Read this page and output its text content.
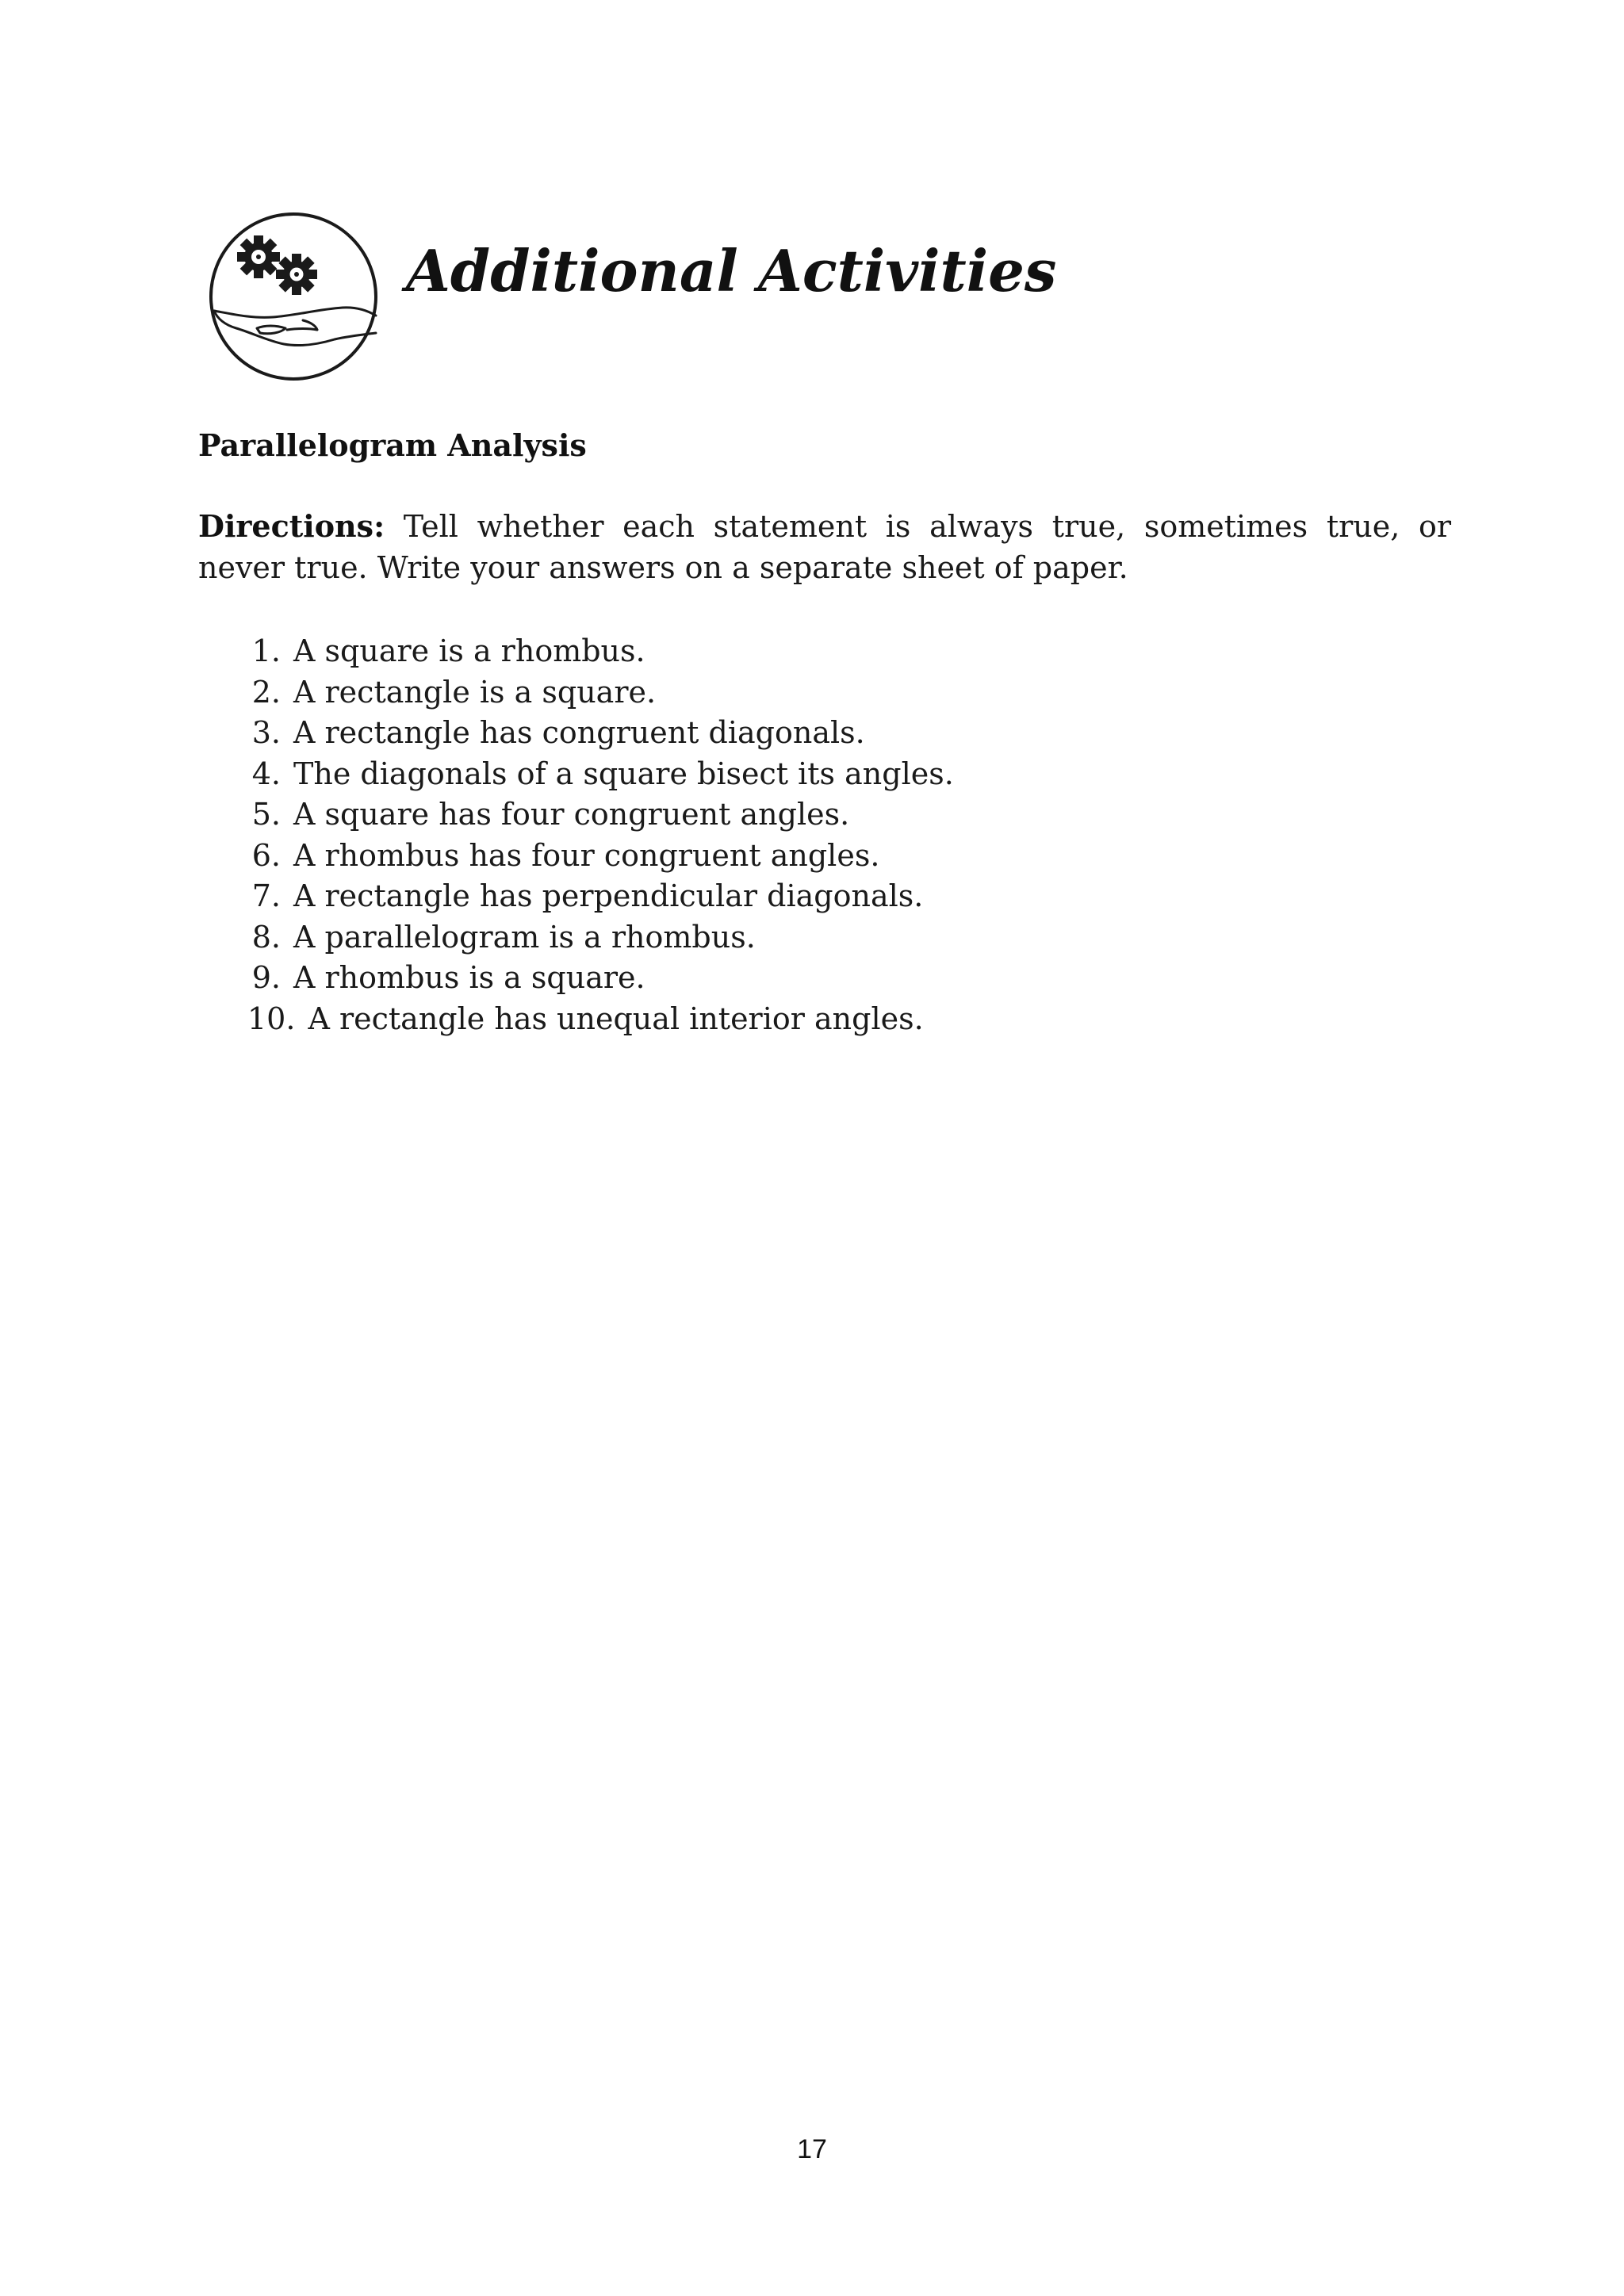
Additional Activities
Parallelogram Analysis

Directions: Tell whether each statement is always true, sometimes true, or never true. Write your answers on a separate sheet of paper.

1. A square is a rhombus.
2. A rectangle is a square.
3. A rectangle has congruent diagonals.
4. The diagonals of a square bisect its angles.
5. A square has four congruent angles.
6. A rhombus has four congruent angles.
7. A rectangle has perpendicular diagonals.
8. A parallelogram is a rhombus.
9. A rhombus is a square.
10. A rectangle has unequal interior angles.
17
